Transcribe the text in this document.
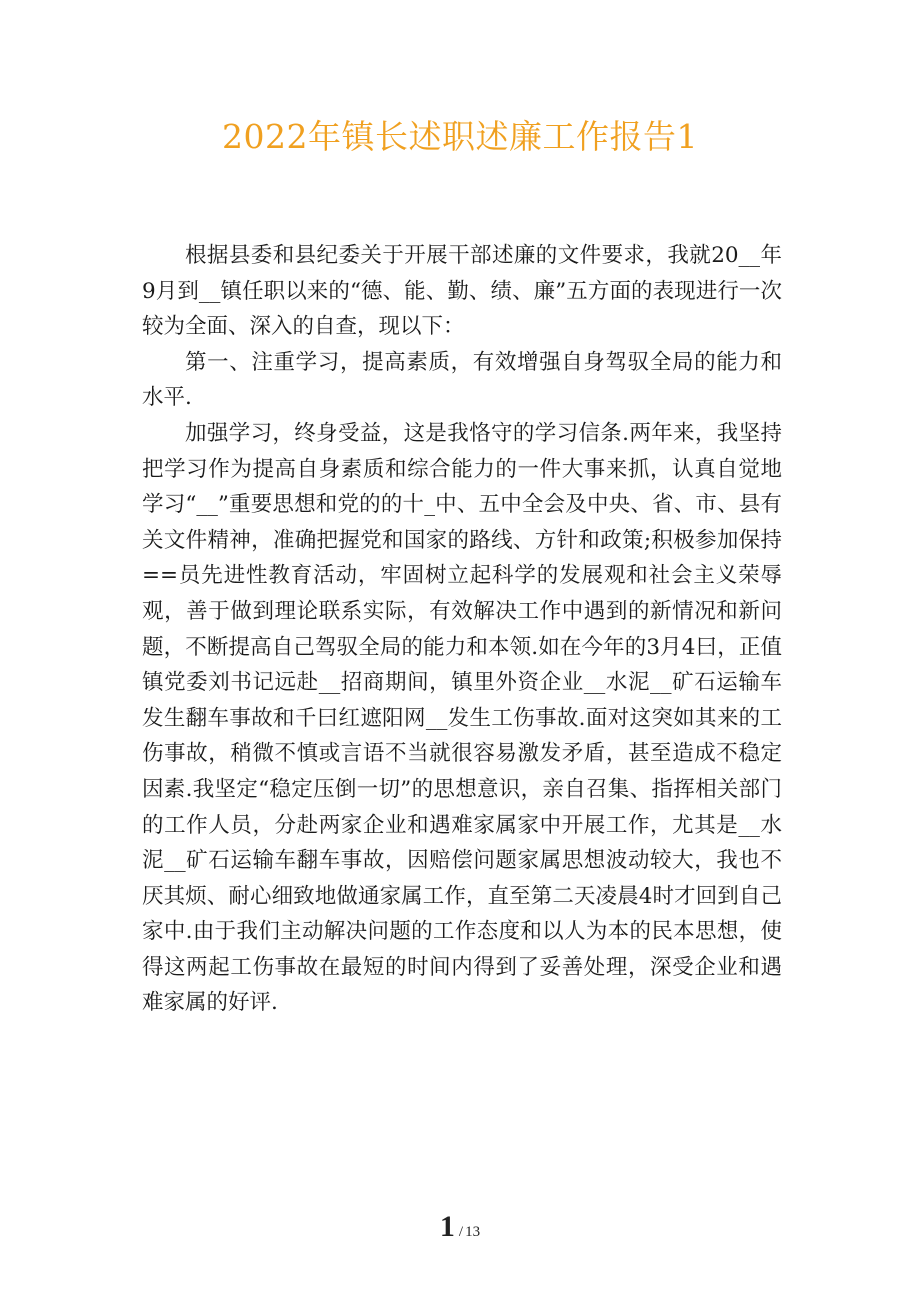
2022年镇长述职述廉工作报告1

根据县委和县纪委关于开展干部述廉的文件要求，我就20__年9月到__镇任职以来的“德、能、勤、绩、廉”五方面的表现进行一次较为全面、深入的自查，现以下：

第一、注重学习，提高素质，有效增强自身驾驭全局的能力和水平.

加强学习，终身受益，这是我恪守的学习信条.两年来，我坚持把学习作为提高自身素质和综合能力的一件大事来抓，认真自觉地学习“__”重要思想和党的的十_中、五中全会及中央、省、市、县有关文件精神，准确把握党和国家的路线、方针和政策;积极参加保持==员先进性教育活动，牢固树立起科学的发展观和社会主义荣辱观，善于做到理论联系实际，有效解决工作中遇到的新情况和新问题，不断提高自己驾驭全局的能力和本领.如在今年的3月4曰，正值镇党委刘书记远赴__招商期间，镇里外资企业__水泥__矿石运输车发生翻车事故和千曰红遮阳网__发生工伤事故.面对这突如其来的工伤事故，稍微不慎或言语不当就很容易激发矛盾，甚至造成不稳定因素.我坚定“稳定压倒一切”的思想意识，亲自召集、指挥相关部门的工作人员，分赴两家企业和遇难家属家中开展工作，尤其是__水泥__矿石运输车翻车事故，因赔偿问题家属思想波动较大，我也不厌其烦、耐心细致地做通家属工作，直至第二天凌晨4时才回到自己家中.由于我们主动解决问题的工作态度和以人为本的民本思想，使得这两起工伤事故在最短的时间内得到了妥善处理，深受企业和遇难家属的好评.

1 / 13
